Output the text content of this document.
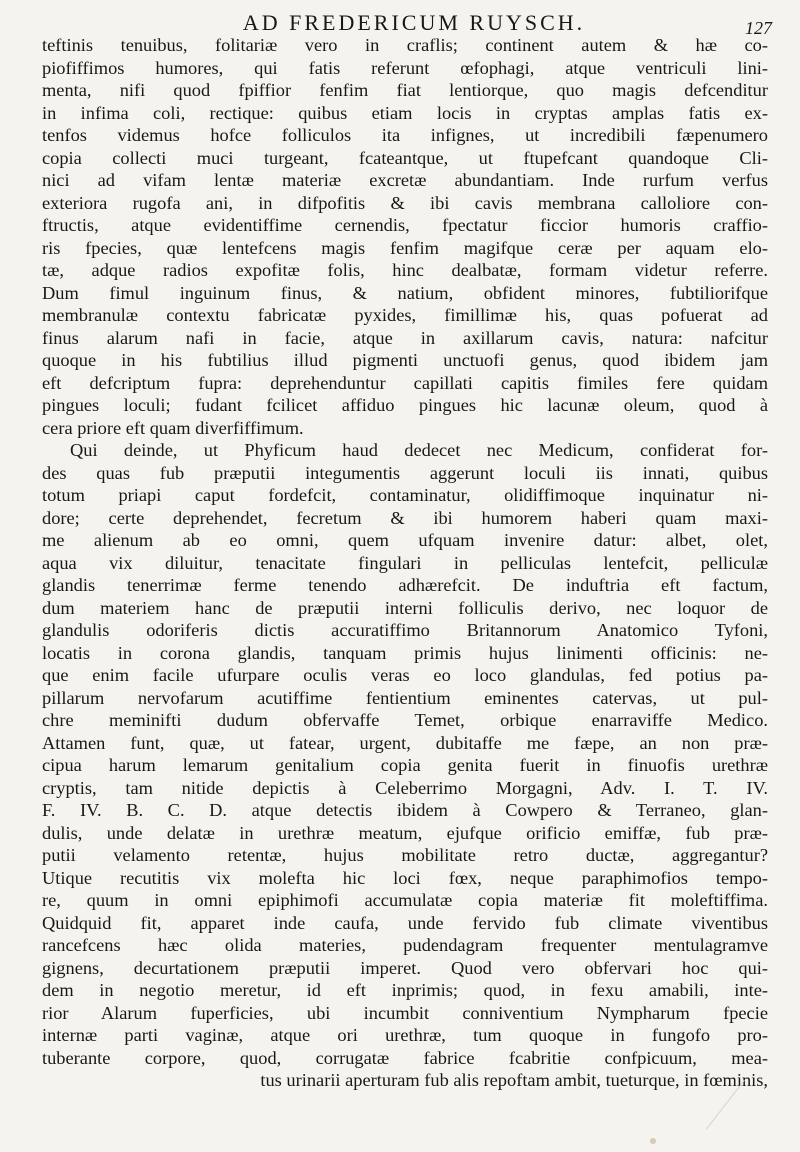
AD FREDERICUM RUYSCH.	127
teftinis tenuibus, folitariæ vero in craflis; continent autem & hæ co-
piofiffimos humores, qui fatis referunt œfophagi, atque ventriculi lini-
menta, nifi quod fpiffior fenfim fiat lentiorque, quo magis defcenditur
in infima coli, rectique: quibus etiam locis in cryptas amplas fatis ex-
tenfos videmus hofce folliculos ita infignes, ut incredibili fæpenumero
copia collecti muci turgeant, fcateantque, ut ftupefcant quandoque Cli-
nici ad vifam lentæ materiæ excretæ abundantiam. Inde rurfum verfus
exteriora rugofa ani, in difpofitis & ibi cavis membrana calloliore con-
ftructis, atque evidentiffime cernendis, fpectatur ficcior humoris craffio-
ris fpecies, quæ lentefcens magis fenfim magifque ceræ per aquam elo-
tæ, adque radios expofitæ folis, hinc dealbatæ, formam videtur referre.
Dum fimul inguinum finus, & natium, obfident minores, fubtiliorifque
membranulæ contextu fabricatæ pyxides, fimillimæ his, quas pofuerat ad
finus alarum nafi in facie, atque in axillarum cavis, natura: nafcitur
quoque in his fubtilius illud pigmenti unctuofi genus, quod ibidem jam
eft defcriptum fupra: deprehenduntur capillati capitis fimiles fere quidam
pingues loculi; fudant fcilicet affiduo pingues hic lacunæ oleum, quod à
cera priore eft quam diverfiffimum.
Qui deinde, ut Phyficum haud dedecet nec Medicum, confiderat for-
des quas fub præputii integumentis aggerunt loculi iis innati, quibus
totum priapi caput fordefcit, contaminatur, olidiffimoque inquinatur ni-
dore; certe deprehendet, fecretum & ibi humorem haberi quam maxi-
me alienum ab eo omni, quem ufquam invenire datur: albet, olet,
aqua vix diluitur, tenacitate fingulari in pelliculas lentefcit, pelliculæ
glandis tenerrimæ ferme tenendo adhærefcit. De induftria eft factum,
dum materiem hanc de præputii interni folliculis derivo, nec loquor de
glandulis odoriferis dictis accuratiffimo Britannorum Anatomico Tyfoni,
locatis in corona glandis, tanquam primis hujus linimenti officinis: ne-
que enim facile ufurpare oculis veras eo loco glandulas, fed potius pa-
pillarum nervofarum acutiffime fentientium eminentes catervas, ut pul-
chre meminifti dudum obfervaffe Temet, orbique enarraviffe Medico.
Attamen funt, quæ, ut fatear, urgent, dubitaffe me fæpe, an non præ-
cipua harum lemarum genitalium copia genita fuerit in finuofis urethræ
cryptis, tam nitide depictis à Celeberrimo Morgagni, Adv. I. T. IV.
F. IV. B. C. D. atque detectis ibidem à Cowpero & Terraneo, glan-
dulis, unde delatæ in urethræ meatum, ejufque orificio emiffæ, fub præ-
putii velamento retentæ, hujus mobilitate retro ductæ, aggregantur?
Utique recutitis vix molefta hic loci fœx, neque paraphimofios tempo-
re, quum in omni epiphimofi accumulatæ copia materiæ fit moleftiffima.
Quidquid fit, apparet inde caufa, unde fervido fub climate viventibus
rancefcens hæc olida materies, pudendagram frequenter mentulagramve
gignens, decurtationem præputii imperet. Quod vero obfervari hoc qui-
dem in negotio meretur, id eft inprimis; quod, in fexu amabili, inte-
rior Alarum fuperficies, ubi incumbit conniventium Nympharum fpecie
internæ parti vaginæ, atque ori urethræ, tum quoque in fungofo pro-
tuberante corpore, quod, corrugatæ fabrice fcabritie confpicuum, mea-
tus urinarii aperturam fub alis repoftam ambit, tueturque, in fœminis,
